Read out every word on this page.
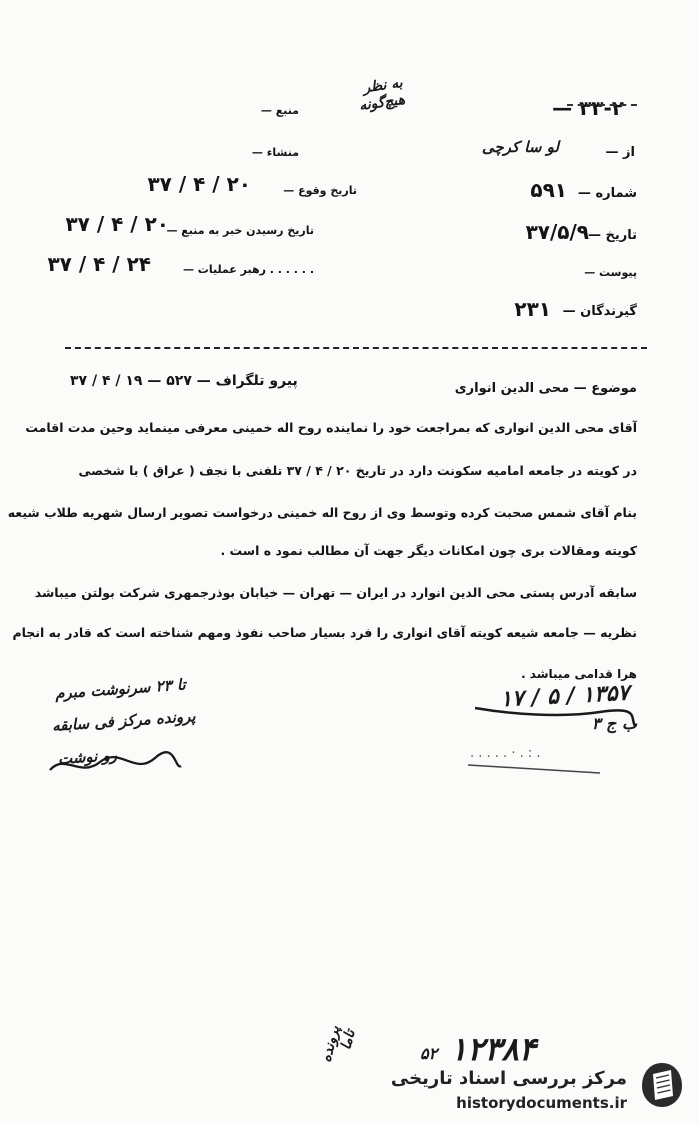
به نظر
هیچ‌گونه	۳۳-۲ —
از —
لو سا کرچی
شماره —
۵۹۱
تاریخ —
۳۷/۵/۹
پیوست —
گیرندگان —
۲۳۱
منبع —
منشاء —
تاریخ وقوع —
۲۰ / ۴ / ۳۷
تاریخ رسیدن خبر به منبع —
۲۰ / ۴ / ۳۷
. . . . . . رهبر عملیات —
۲۴ / ۴ / ۳۷
موضوع — محی الدین انواری
پیرو تلگراف — ۵۲۷ — ۱۹ / ۴ / ۳۷
آقای محی الدین انواری که بمراجعت خود را نماینده روح اله خمینی معرفی مینماید وحین مدت اقامت
در کویته در جامعه امامیه سکونت دارد در تاریخ ۲۰ / ۴ / ۳۷ تلفنی با نجف ( عراق ) با شخصی
بنام آقای شمس صحبت کرده وتوسط وی از روح اله خمینی درخواست تصویر ارسال شهریه طلاب شیعه
کویته ومقالات بری چون امکانات دیگر جهت آن مطالب نمود ه است .
سابقه آدرس پستی محی الدین انوارد در ایران — تهران — خیابان بوذرجمهری شرکت بولتن میباشد
نظریه — جامعه شیعه کویته آقای انواری را فرد بسیار صاحب نفوذ ومهم شناخته است که قادر به انجام
هرا قدامی میباشد .
۱۳۵۷ / ۵ / ۱۷
ب ج ۳
. . . . . · . : .
تا ۲۳ سرنوشت مبرم
پرونده مرکز فی سابقه
رو نوشت
پرونده
تاما	۱۲۳۸۴
۵۲
مرکز بررسی اسناد تاریخی
historydocuments.ir
